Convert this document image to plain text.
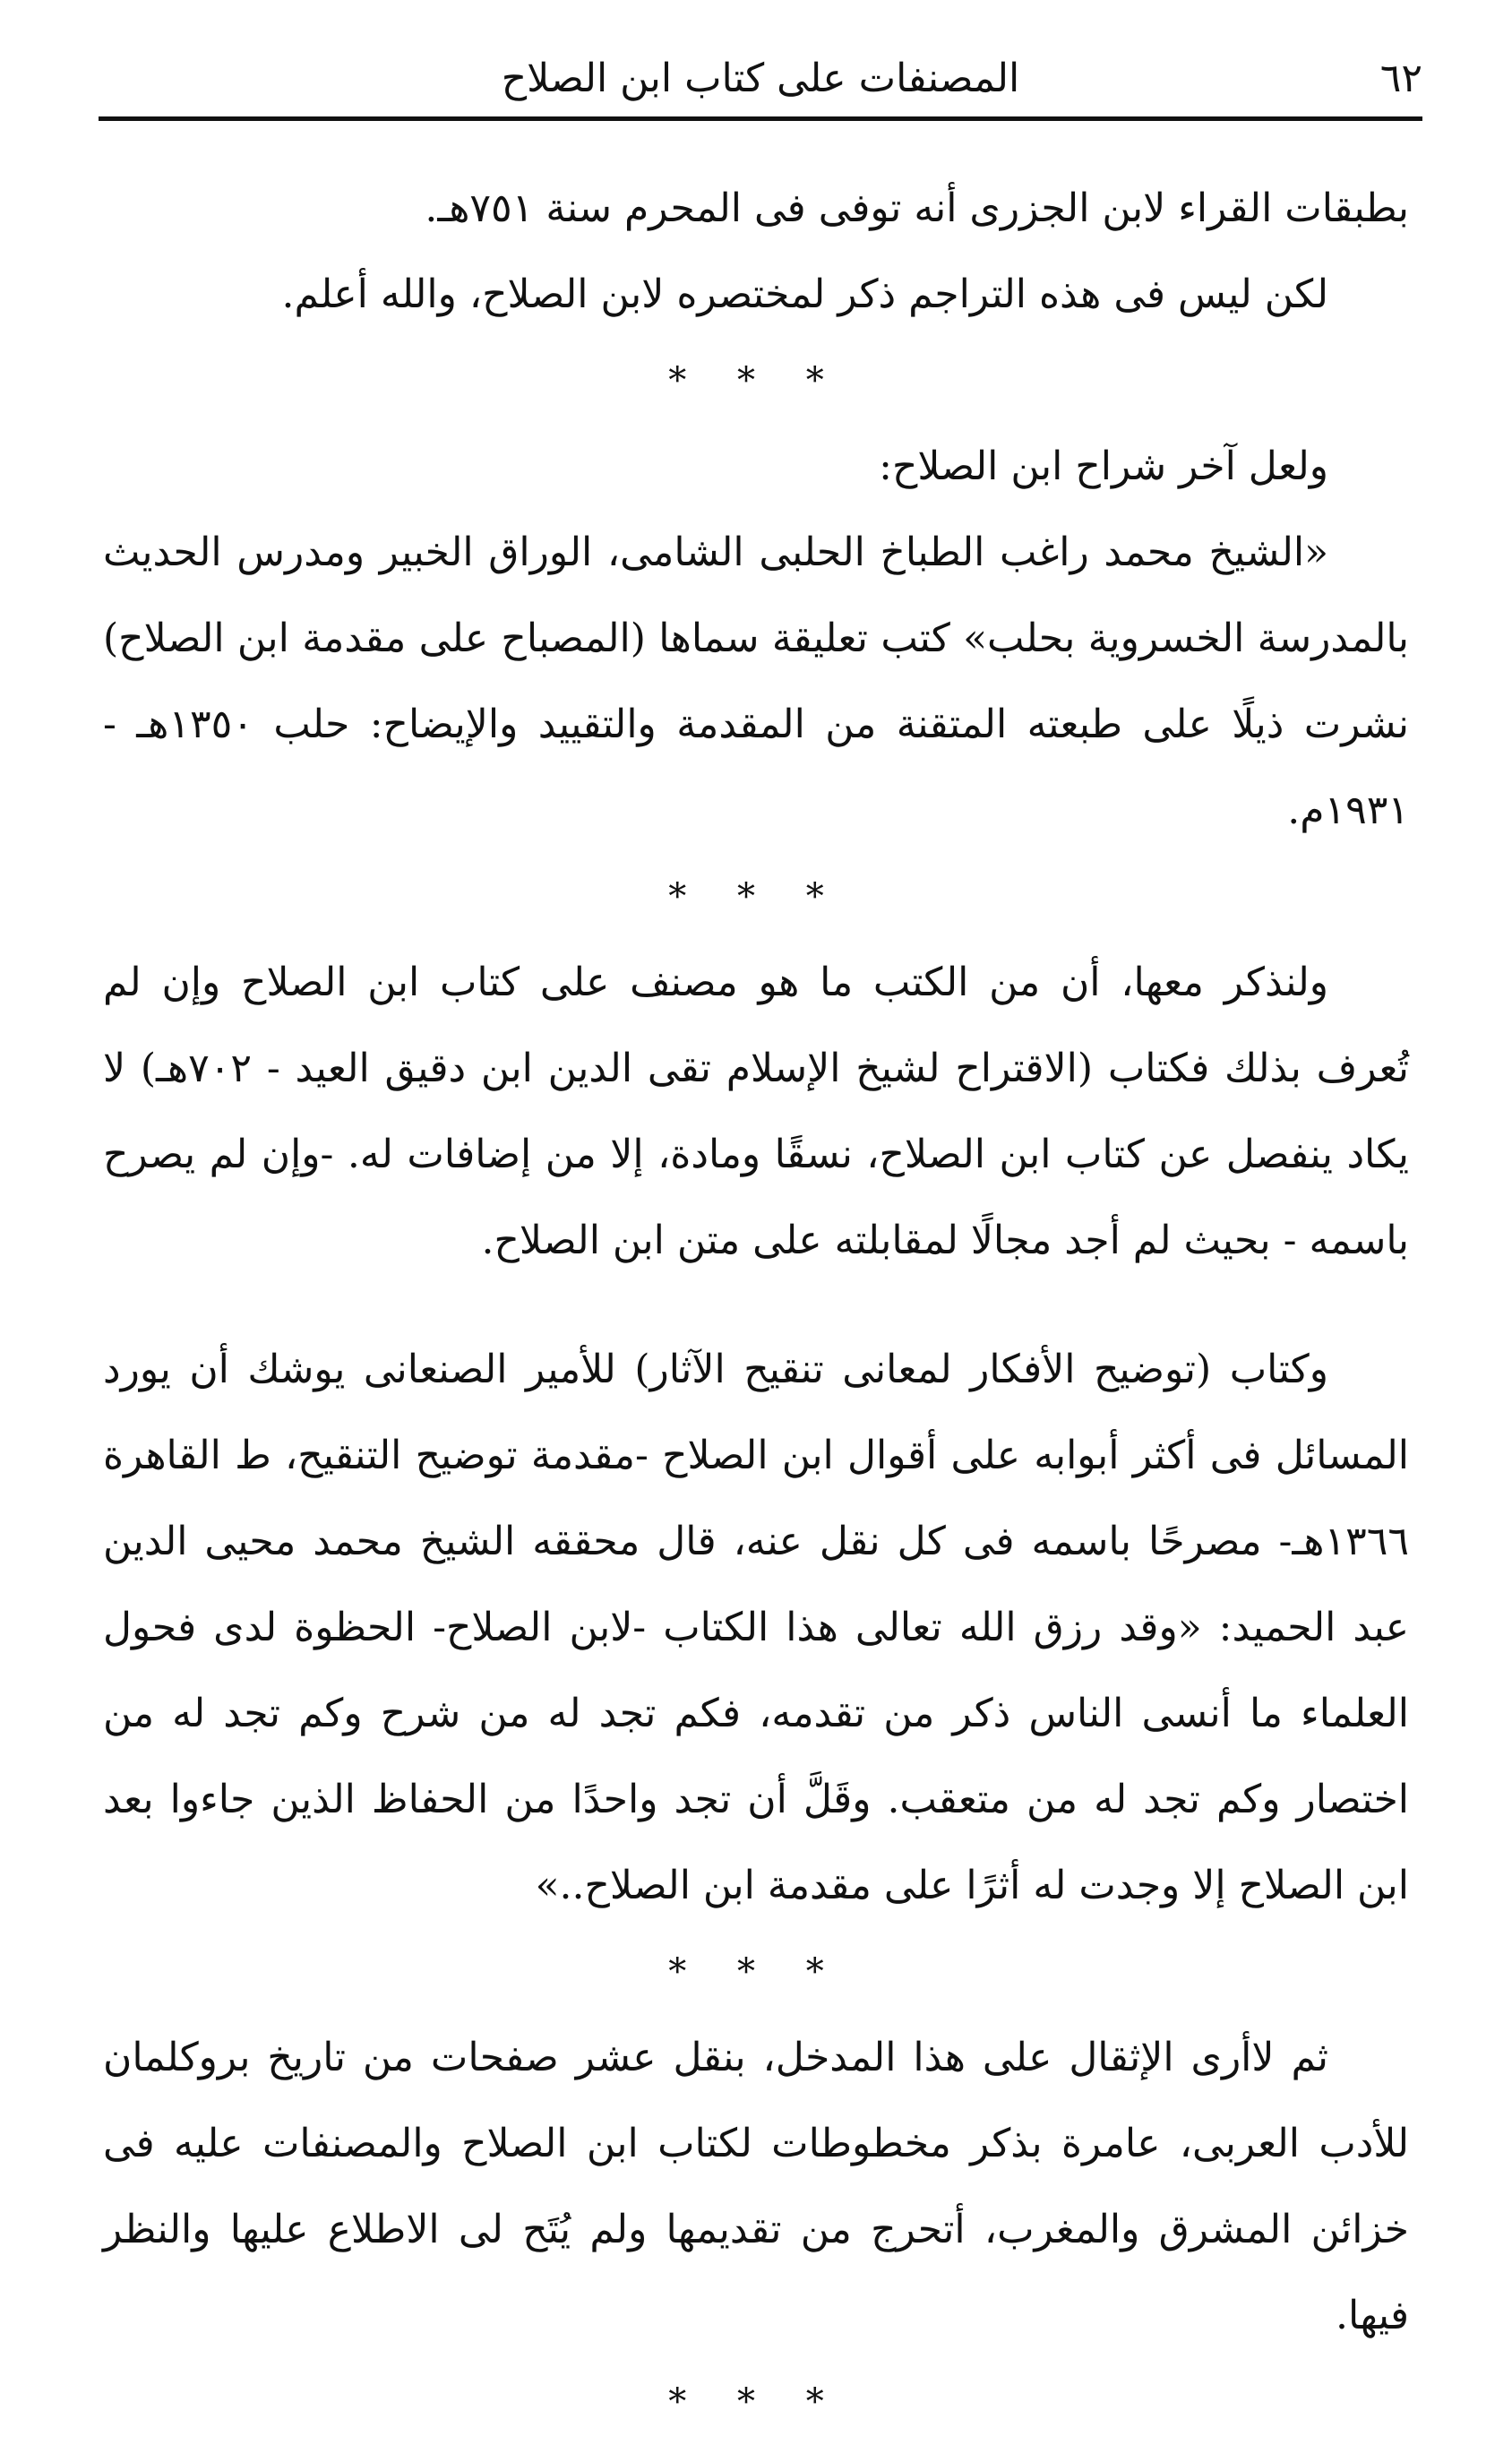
٦٢
المصنفات على كتاب ابن الصلاح

بطبقات القراء لابن الجزرى أنه توفى فى المحرم سنة ٧٥١هـ.

لكن ليس فى هذه التراجم ذكر لمختصره لابن الصلاح، والله أعلم.

* * *

ولعل آخر شراح ابن الصلاح:

«الشيخ محمد راغب الطباخ الحلبى الشامى، الوراق الخبير ومدرس الحديث بالمدرسة الخسروية بحلب» كتب تعليقة سماها (المصباح على مقدمة ابن الصلاح) نشرت ذيلًا على طبعته المتقنة من المقدمة والتقييد والإيضاح: حلب ١٣٥٠هـ - ١٩٣١م.

* * *

ولنذكر معها، أن من الكتب ما هو مصنف على كتاب ابن الصلاح وإن لم تُعرف بذلك فكتاب (الاقتراح لشيخ الإسلام تقى الدين ابن دقيق العيد - ٧٠٢هـ) لا يكاد ينفصل عن كتاب ابن الصلاح، نسقًا ومادة، إلا من إضافات له. -وإن لم يصرح باسمه - بحيث لم أجد مجالًا لمقابلته على متن ابن الصلاح.

وكتاب (توضيح الأفكار لمعانى تنقيح الآثار) للأمير الصنعانى يوشك أن يورد المسائل فى أكثر أبوابه على أقوال ابن الصلاح -مقدمة توضيح التنقيح، ط القاهرة ١٣٦٦هـ- مصرحًا باسمه فى كل نقل عنه، قال محققه الشيخ محمد محيى الدين عبد الحميد: «وقد رزق الله تعالى هذا الكتاب -لابن الصلاح- الحظوة لدى فحول العلماء ما أنسى الناس ذكر من تقدمه، فكم تجد له من شرح وكم تجد له من اختصار وكم تجد له من متعقب. وقَلَّ أن تجد واحدًا من الحفاظ الذين جاءوا بعد ابن الصلاح إلا وجدت له أثرًا على مقدمة ابن الصلاح..»

* * *

ثم لاأرى الإثقال على هذا المدخل، بنقل عشر صفحات من تاريخ بروكلمان للأدب العربى، عامرة بذكر مخطوطات لكتاب ابن الصلاح والمصنفات عليه فى خزائن المشرق والمغرب، أتحرج من تقديمها ولم يُتَح لى الاطلاع عليها والنظر فيها.

* * *
